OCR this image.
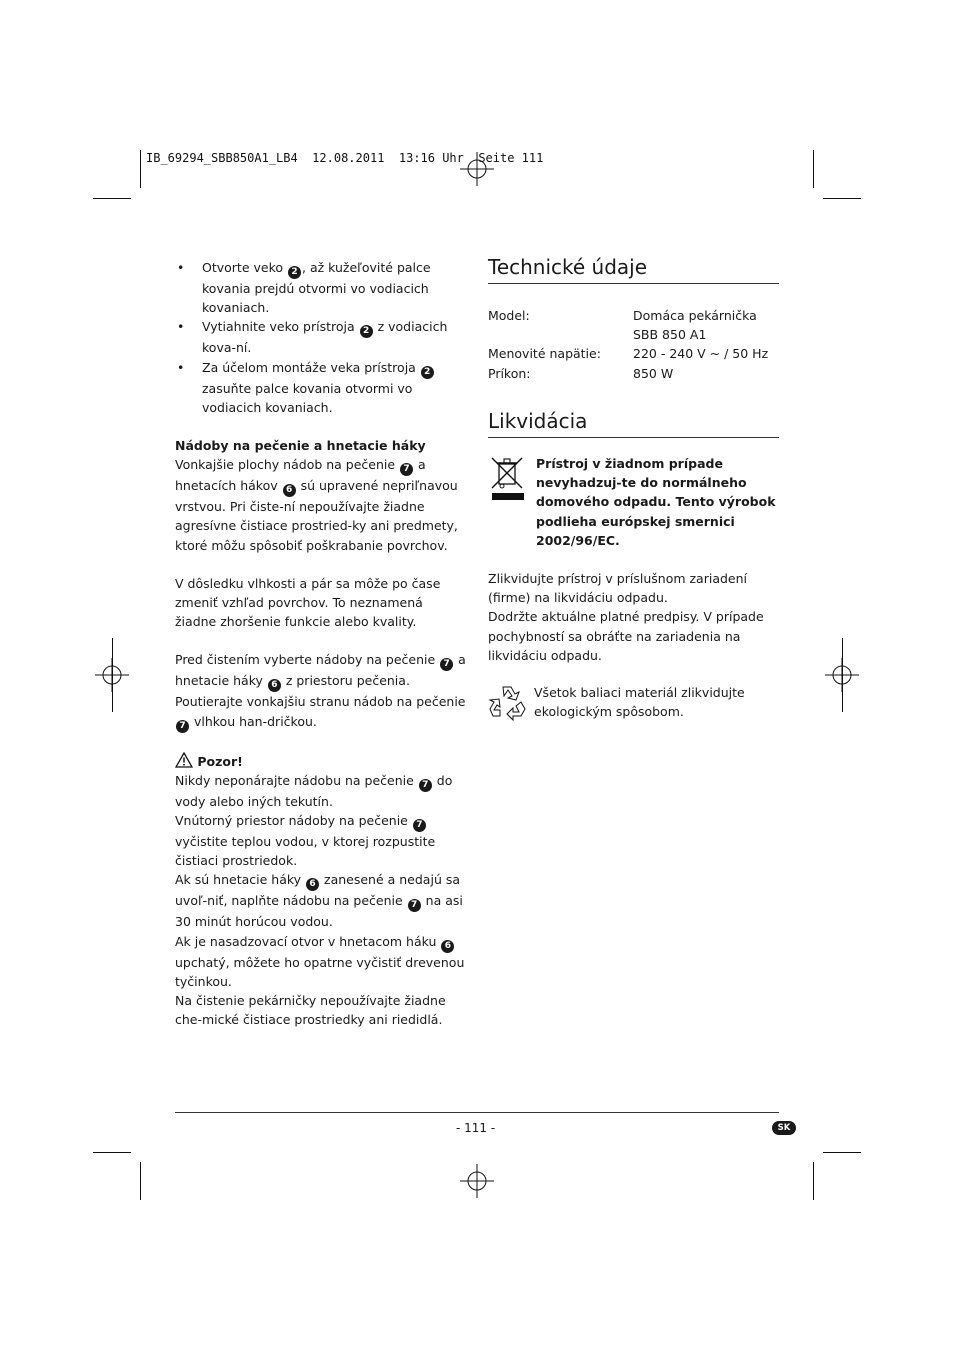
IB_69294_SBB850A1_LB4  12.08.2011  13:16 Uhr  Seite 111
• Otvorte veko 2 , až kužeľovité palce kovania prejdú otvormi vo vodiacich kovaniach.
• Vytiahnite veko prístroja 2 z vodiacich kova-ní.
• Za účelom montáže veka prístroja 2 zasuňte palce kovania otvormi vo vodiacich kovaniach.

Nádoby na pečenie a hnetacie háky

Vonkajšie plochy nádob na pečenie 7 a hnetacích hákov 6 sú upravené nepriľnavou vrstvou. Pri čiste-ní nepoužívajte žiadne agresívne čistiace prostried-ky ani predmety, ktoré môžu spôsobiť poškrabanie povrchov.

V dôsledku vlhkosti a pár sa môže po čase zmeniť vzhľad povrchov. To neznamená žiadne zhoršenie funkcie alebo kvality.

Pred čistením vyberte nádoby na pečenie 7 a hnetacie háky 6 z priestoru pečenia. Poutierajte vonkajšiu stranu nádob na pečenie 7 vlhkou han-dričkou.

Pozor!

Nikdy neponárajte nádobu na pečenie 7 do vody alebo iných tekutín.

Vnútorný priestor nádoby na pečenie 7 vyčistite teplou vodou, v ktorej rozpustite čistiaci prostriedok.

Ak sú hnetacie háky 6 zanesené a nedajú sa uvoľ-niť, naplňte nádobu na pečenie 7 na asi 30 minút horúcou vodou.

Ak je nasadzovací otvor v hnetacom háku 6 upchatý, môžete ho opatrne vyčistiť drevenou tyčinkou.

Na čistenie pekárničky nepoužívajte žiadne che-mické čistiace prostriedky ani riedidlá.

Technické údaje
Model:	Domáca pekárnička
SBB 850 A1
Menovité napätie:	220 - 240 V ~ / 50 Hz
Príkon:	850 W
Likvidácia

Prístroj v žiadnom prípade nevyhadzuj-te do normálneho domového odpadu. Tento výrobok podlieha európskej smernici 2002/96/EC.

Zlikvidujte prístroj v príslušnom zariadení (firme) na likvidáciu odpadu.

Dodržte aktuálne platné predpisy. V prípade pochybností sa obráťte na zariadenia na likvidáciu odpadu.

Všetok baliaci materiál zlikvidujte ekologickým spôsobom.

- 111 -	SK
